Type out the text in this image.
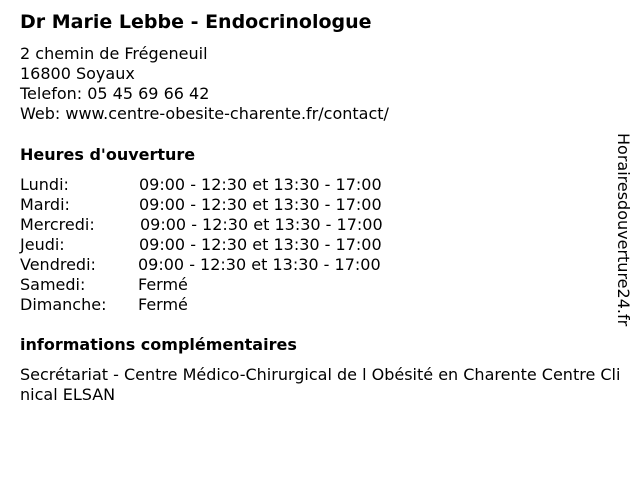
Dr Marie Lebbe - Endocrinologue
2 chemin de Frégeneuil
16800 Soyaux
Telefon: 05 45 69 66 42
Web: www.centre-obesite-charente.fr/contact/
Heures d'ouverture
Lundi:	09:00 - 12:30 et 13:30 - 17:00
Mardi:	09:00 - 12:30 et 13:30 - 17:00
Mercredi:	09:00 - 12:30 et 13:30 - 17:00
Jeudi:	09:00 - 12:30 et 13:30 - 17:00
Vendredi:	09:00 - 12:30 et 13:30 - 17:00
Samedi:	Fermé
Dimanche: Fermé
informations complémentaires
Secrétariat - Centre Médico-Chirurgical de l Obésité en Charente Centre Clinical ELSAN
Horairesdouverture24.fr
